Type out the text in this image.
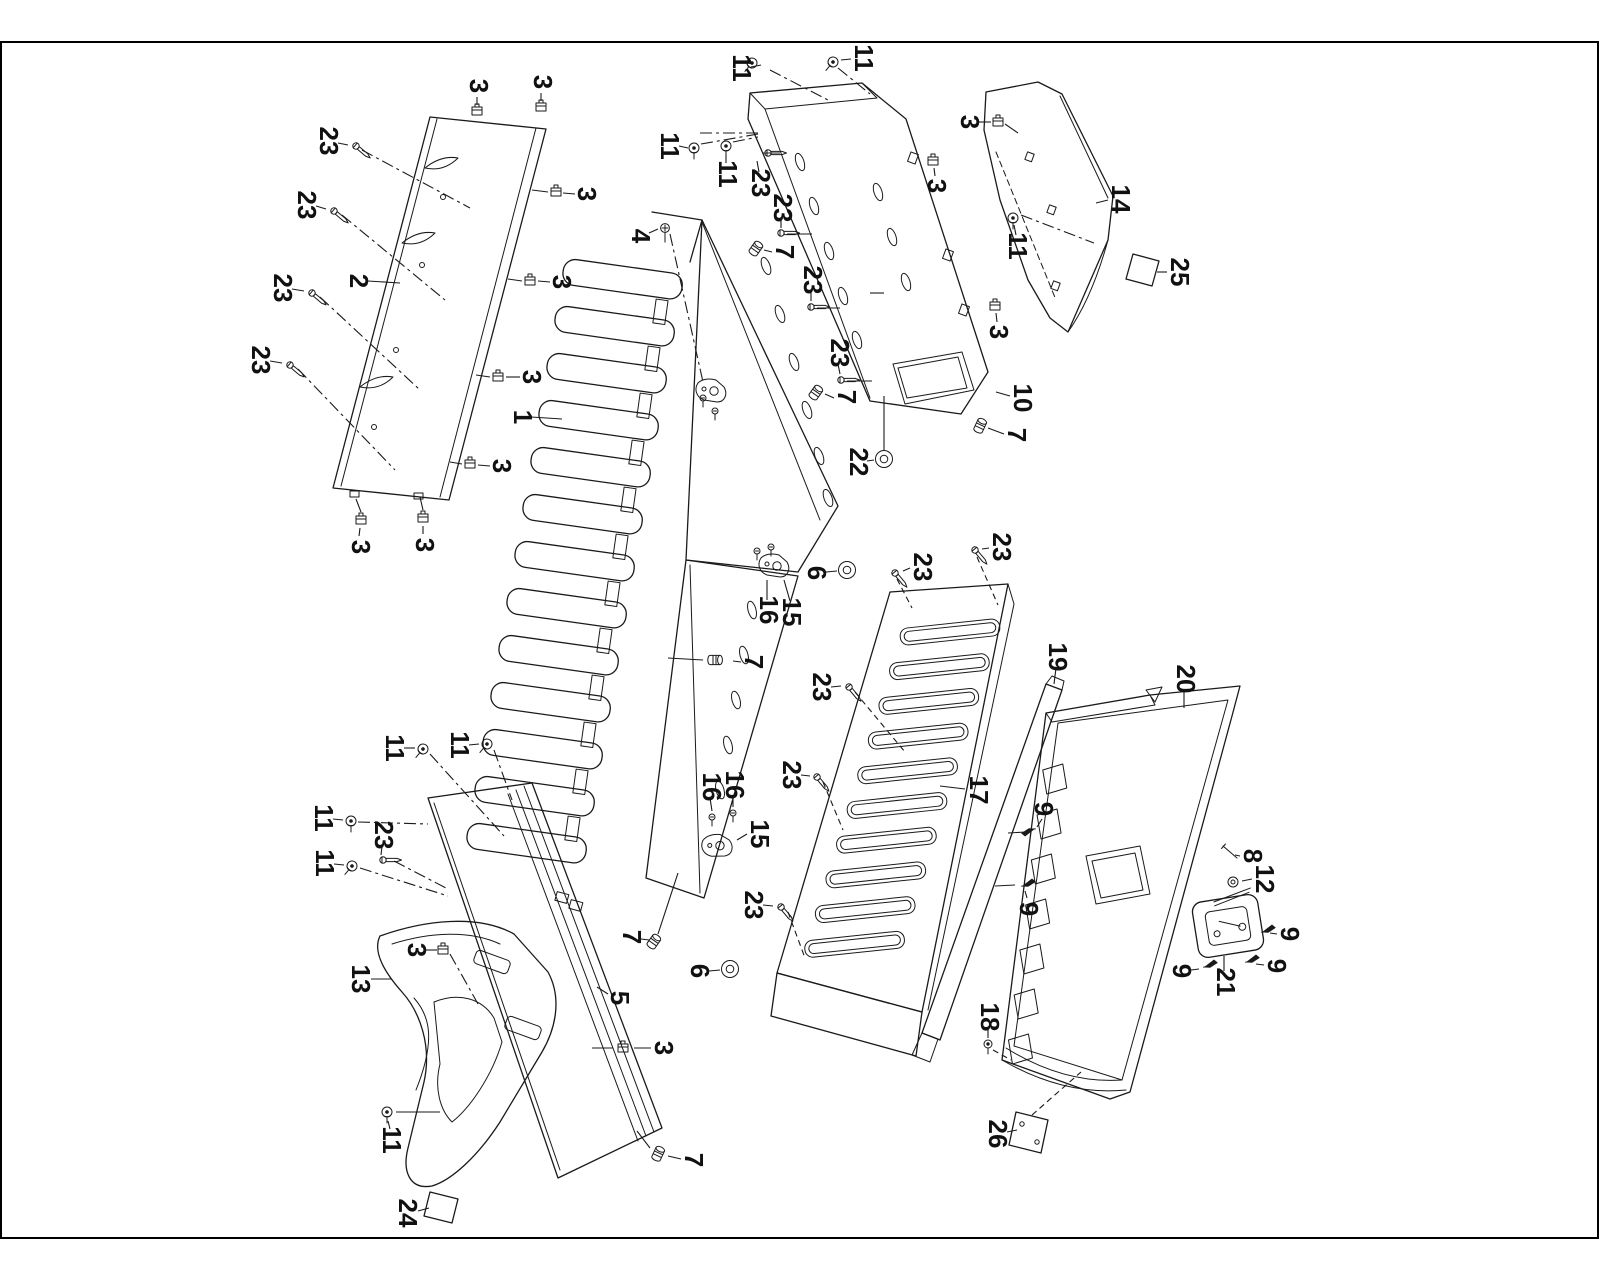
3 3
3
3
3
3
3 3
3
3
3
3
3
23
23
23
23
23
23
23
23
23
23
23
23
23
23
11	11
11
11
11
11 11
11
11
11
7
7
7
7
7
7
1
2
4
5
6
6
8
12
9
9
9
9
9
10
13
14
15
15
16
16
16	17
18
19
20
21
22
24
25
26
